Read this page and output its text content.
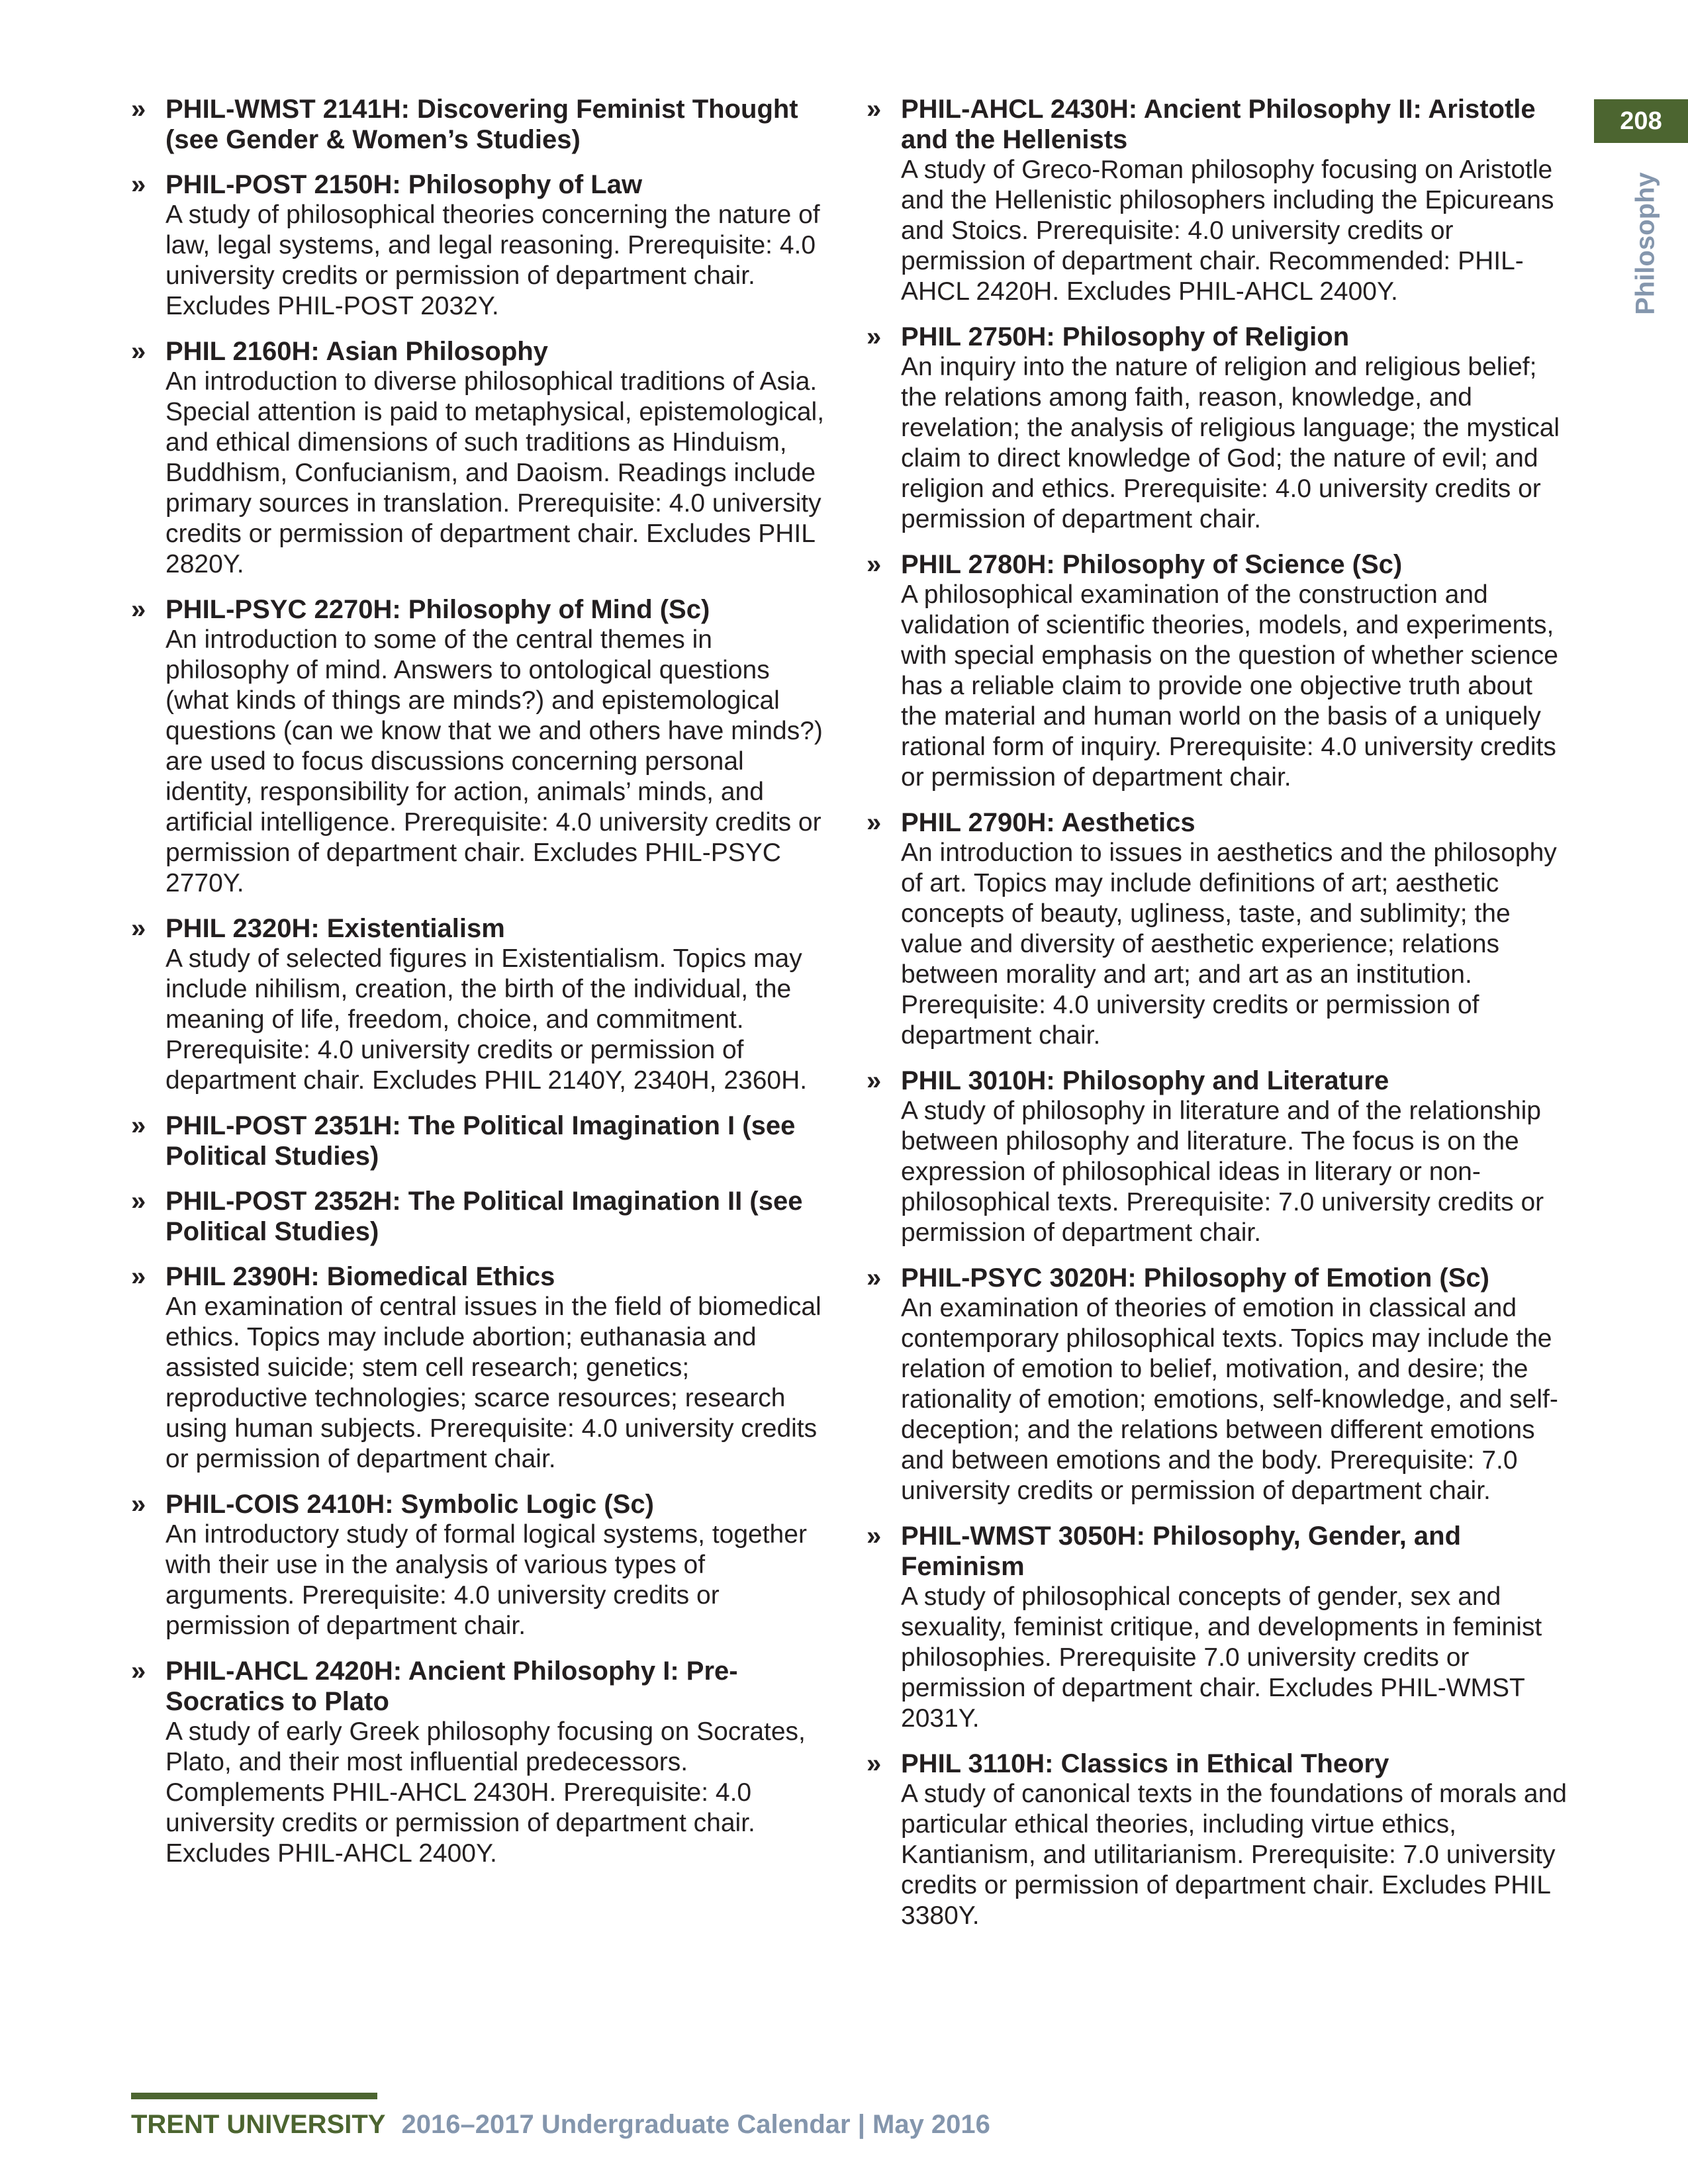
» PHIL-WMST 2141H: Discovering Feminist Thought (see Gender & Women’s Studies)
» PHIL-POST 2150H: Philosophy of Law

A study of philosophical theories concerning the nature of law, legal systems, and legal reasoning. Prerequisite: 4.0 university credits or permission of department chair. Excludes PHIL-POST 2032Y.

» PHIL 2160H: Asian Philosophy

An introduction to diverse philosophical traditions of Asia. Special attention is paid to metaphysical, epistemological, and ethical dimensions of such traditions as Hinduism, Buddhism, Confucianism, and Daoism. Readings include primary sources in translation. Prerequisite: 4.0 university credits or permission of department chair. Excludes PHIL 2820Y.

» PHIL-PSYC 2270H: Philosophy of Mind (Sc)

An introduction to some of the central themes in philosophy of mind. Answers to ontological questions (what kinds of things are minds?) and epistemological questions (can we know that we and others have minds?) are used to focus discussions concerning personal identity, responsibility for action, animals’ minds, and artificial intelligence. Prerequisite: 4.0 university credits or permission of department chair. Excludes PHIL-PSYC 2770Y.

» PHIL 2320H: Existentialism

A study of selected figures in Existentialism. Topics may include nihilism, creation, the birth of the individual, the meaning of life, freedom, choice, and commitment. Prerequisite: 4.0 university credits or permission of department chair. Excludes PHIL 2140Y, 2340H, 2360H.

» PHIL-POST 2351H: The Political Imagination I (see Political Studies)
» PHIL-POST 2352H: The Political Imagination II (see Political Studies)
» PHIL 2390H: Biomedical Ethics

An examination of central issues in the field of biomedical ethics. Topics may include abortion; euthanasia and assisted suicide; stem cell research; genetics; reproductive technologies; scarce resources; research using human subjects. Prerequisite: 4.0 university credits or permission of department chair.

» PHIL-COIS 2410H: Symbolic Logic (Sc)

An introductory study of formal logical systems, together with their use in the analysis of various types of arguments. Prerequisite: 4.0 university credits or permission of department chair.

» PHIL-AHCL 2420H: Ancient Philosophy I: Pre-Socratics to Plato

A study of early Greek philosophy focusing on Socrates, Plato, and their most influential predecessors. Complements PHIL-AHCL 2430H. Prerequisite: 4.0 university credits or permission of department chair. Excludes PHIL-AHCL 2400Y.

» PHIL-AHCL 2430H: Ancient Philosophy II: Aristotle and the Hellenists

A study of Greco-Roman philosophy focusing on Aristotle and the Hellenistic philosophers including the Epicureans and Stoics. Prerequisite: 4.0 university credits or permission of department chair. Recommended: PHIL-AHCL 2420H. Excludes PHIL-AHCL 2400Y.

» PHIL 2750H: Philosophy of Religion

An inquiry into the nature of religion and religious belief; the relations among faith, reason, knowledge, and revelation; the analysis of religious language; the mystical claim to direct knowledge of God; the nature of evil; and religion and ethics. Prerequisite: 4.0 university credits or permission of department chair.

» PHIL 2780H: Philosophy of Science (Sc)

A philosophical examination of the construction and validation of scientific theories, models, and experiments, with special emphasis on the question of whether science has a reliable claim to provide one objective truth about the material and human world on the basis of a uniquely rational form of inquiry. Prerequisite: 4.0 university credits or permission of department chair.

» PHIL 2790H: Aesthetics

An introduction to issues in aesthetics and the philosophy of art. Topics may include definitions of art; aesthetic concepts of beauty, ugliness, taste, and sublimity; the value and diversity of aesthetic experience; relations between morality and art; and art as an institution. Prerequisite: 4.0 university credits or permission of department chair.

» PHIL 3010H: Philosophy and Literature

A study of philosophy in literature and of the relationship between philosophy and literature. The focus is on the expression of philosophical ideas in literary or non-philosophical texts. Prerequisite: 7.0 university credits or permission of department chair.

» PHIL-PSYC 3020H: Philosophy of Emotion (Sc)

An examination of theories of emotion in classical and contemporary philosophical texts. Topics may include the relation of emotion to belief, motivation, and desire; the rationality of emotion; emotions, self-knowledge, and self-deception; and the relations between different emotions and between emotions and the body. Prerequisite: 7.0 university credits or permission of department chair.

» PHIL-WMST 3050H: Philosophy, Gender, and Feminism

A study of philosophical concepts of gender, sex and sexuality, feminist critique, and developments in feminist philosophies. Prerequisite 7.0 university credits or permission of department chair. Excludes PHIL-WMST 2031Y.

» PHIL 3110H: Classics in Ethical Theory

A study of canonical texts in the foundations of morals and particular ethical theories, including virtue ethics, Kantianism, and utilitarianism. Prerequisite: 7.0 university credits or permission of department chair. Excludes PHIL 3380Y.

208
Philosophy
TRENT UNIVERSITY 2016–2017 Undergraduate Calendar | May 2016
